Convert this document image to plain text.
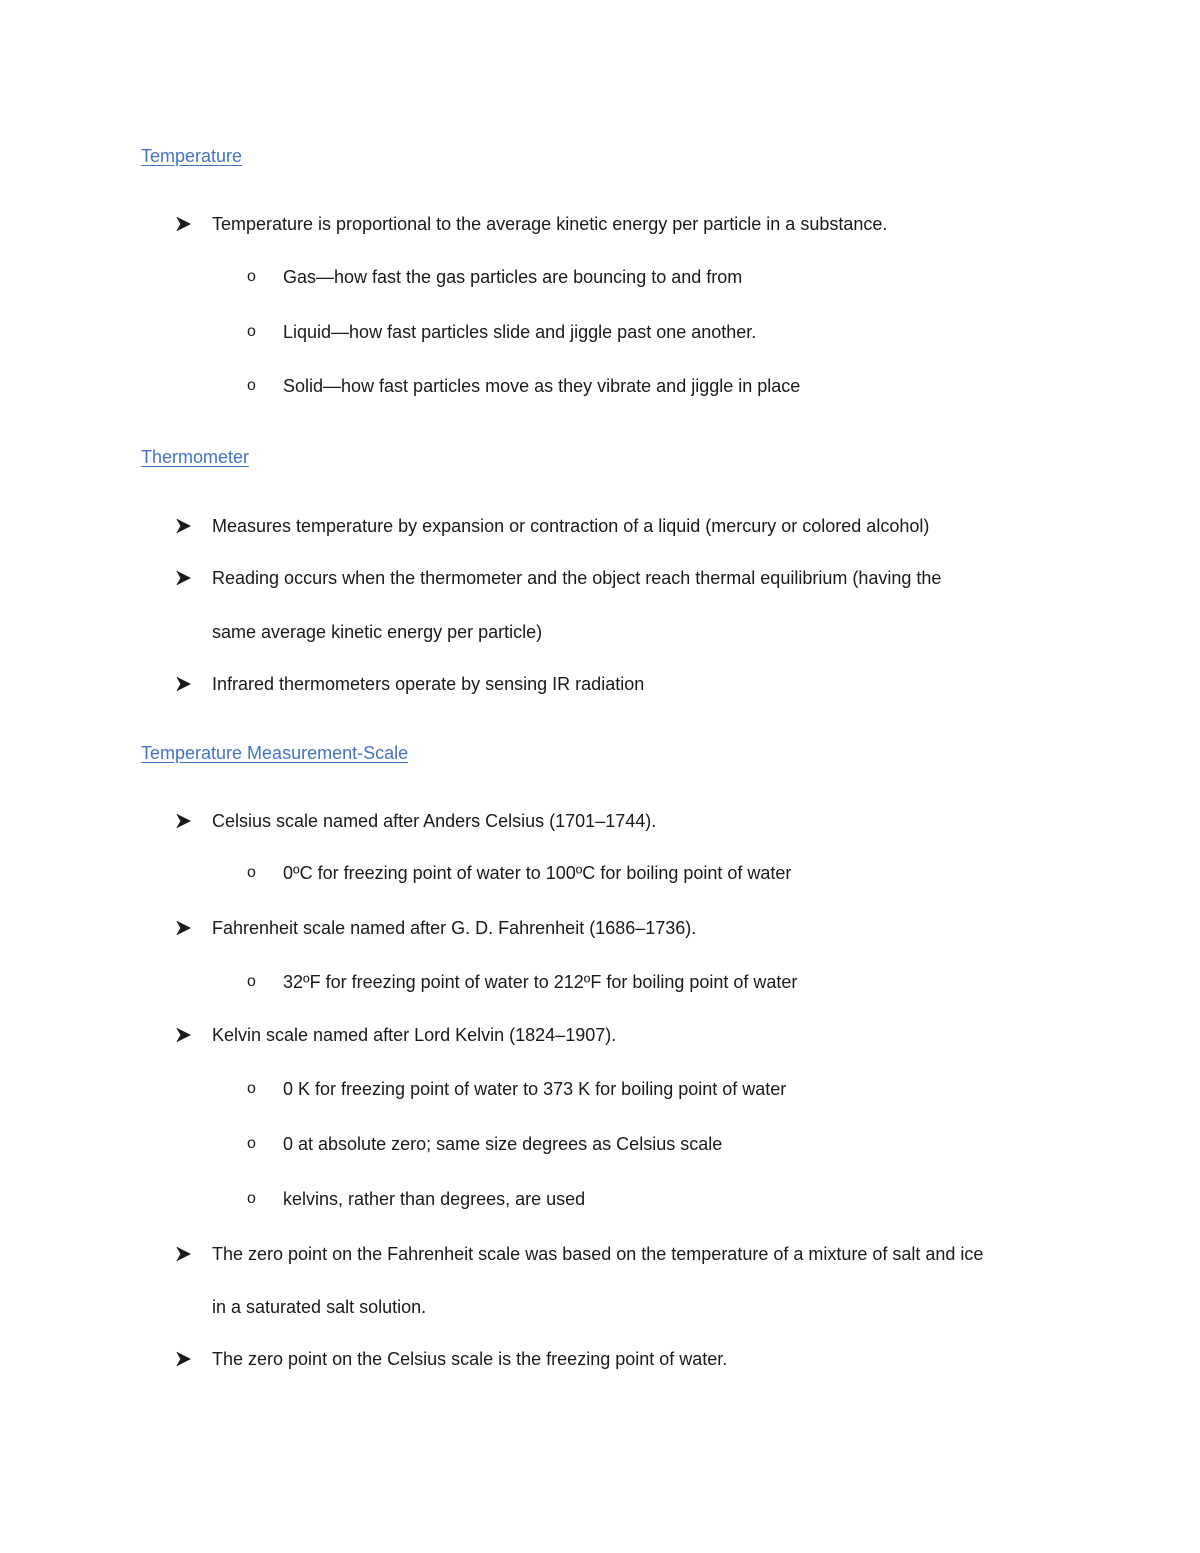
Temperature
Temperature is proportional to the average kinetic energy per particle in a substance.
o Gas—how fast the gas particles are bouncing to and from
o Liquid—how fast particles slide and jiggle past one another.
o Solid—how fast particles move as they vibrate and jiggle in place
Thermometer
Measures temperature by expansion or contraction of a liquid (mercury or colored alcohol)
Reading occurs when the thermometer and the object reach thermal equilibrium (having the
same average kinetic energy per particle)
Infrared thermometers operate by sensing IR radiation
Temperature Measurement-Scale
Celsius scale named after Anders Celsius (1701–1744).
o 0ºC for freezing point of water to 100ºC for boiling point of water
Fahrenheit scale named after G. D. Fahrenheit (1686–1736).
o 32ºF for freezing point of water to 212ºF for boiling point of water
Kelvin scale named after Lord Kelvin (1824–1907).
o 0 K for freezing point of water to 373 K for boiling point of water
o 0 at absolute zero; same size degrees as Celsius scale
o kelvins, rather than degrees, are used
The zero point on the Fahrenheit scale was based on the temperature of a mixture of salt and ice
in a saturated salt solution.
The zero point on the Celsius scale is the freezing point of water.
